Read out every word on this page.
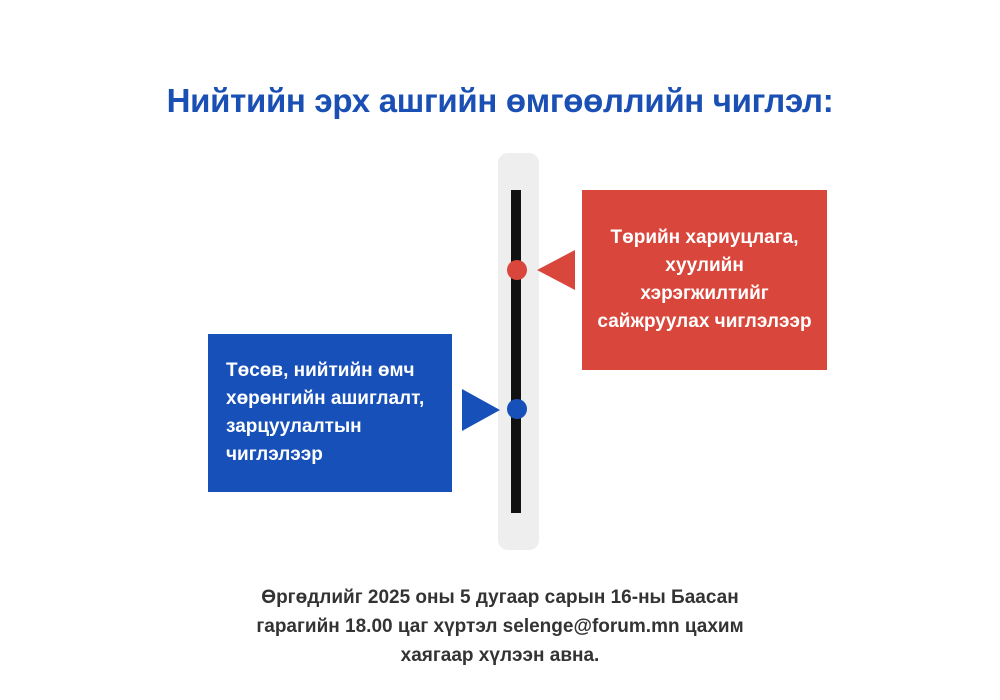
Нийтийн эрх ашгийн өмгөөллийн чиглэл:
Төрийн хариуцлага,
хуулийн
хэрэгжилтийг
сайжруулах чиглэлээр
Төсөв, нийтийн өмч
хөрөнгийн ашиглалт,
зарцуулалтын
чиглэлээр
Өргөдлийг 2025 оны 5 дугаар сарын 16-ны Баасан
гарагийн 18.00 цаг хүртэл selenge@forum.mn цахим
хаягаар хүлээн авна.
